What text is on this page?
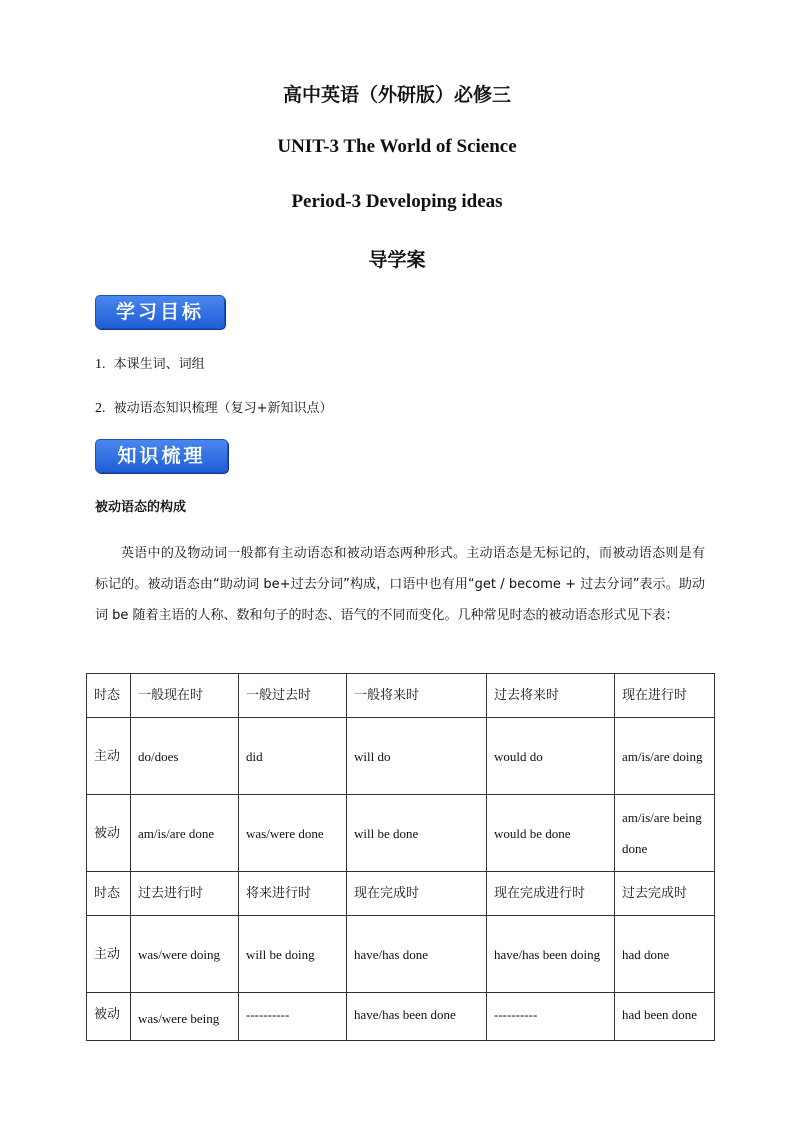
高中英语（外研版）必修三
UNIT-3 The World of Science
Period-3 Developing ideas
导学案
学习目标
1. 本课生词、词组
2. 被动语态知识梳理（复习+新知识点）
知识梳理
被动语态的构成

英语中的及物动词一般都有主动语态和被动语态两种形式。主动语态是无标记的，而被动语态则是有标记的。被动语态由“助动词 be+过去分词”构成，口语中也有用“get / become + 过去分词”表示。助动词 be 随着主语的人称、数和句子的时态、语气的不同而变化。几种常见时态的被动语态形式见下表：

时态	一般现在时	一般过去时	一般将来时	过去将来时	现在进行时
主动	do/does	did	will do	would do	am/is/are doing
被动	am/is/are done	was/were done	will be done	would be done	am/is/are being done
时态	过去进行时	将来进行时	现在完成时	现在完成进行时	过去完成时
主动	was/were doing	will be doing	have/has done	have/has been doing	had done
被动	was/were being	----------	have/has been done	----------	had been done
